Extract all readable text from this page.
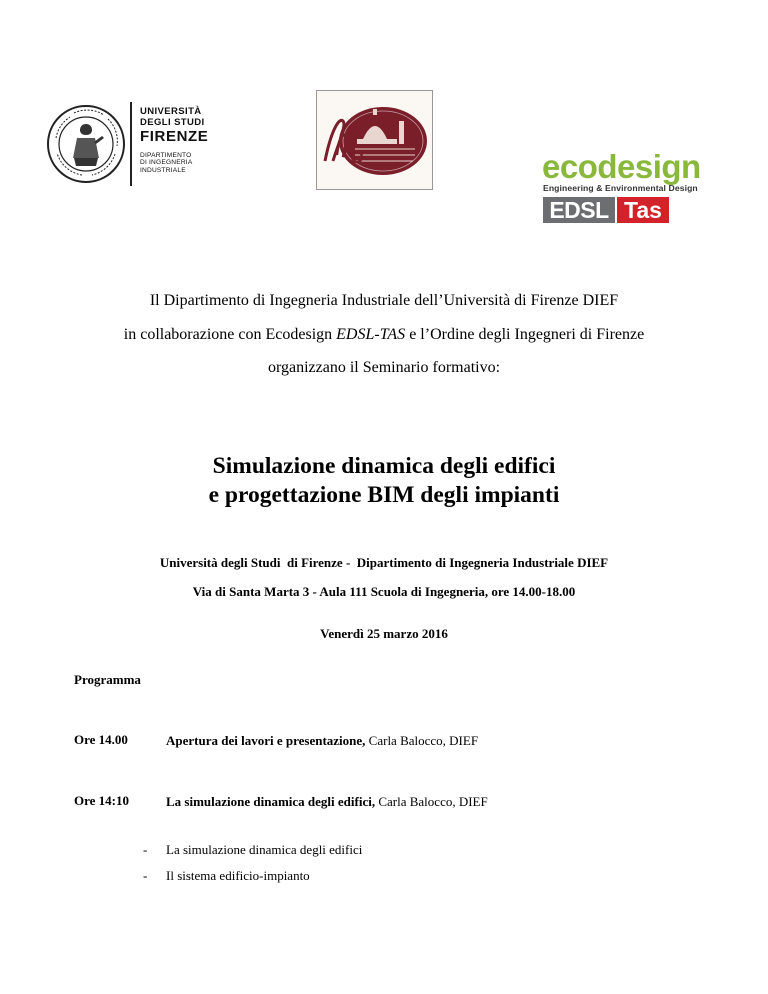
UNIVERSITÀ
DEGLI STUDI
FIRENZE
DIPARTIMENTO
DI INGEGNERIA
INDUSTRIALE	ecodesign
Engineering & Environmental Design
EDSL Tas
Il Dipartimento di Ingegneria Industriale dell’Università di Firenze DIEF
in collaborazione con Ecodesign EDSL-TAS e l’Ordine degli Ingegneri di Firenze
organizzano il Seminario formativo:
Simulazione dinamica degli edifici
e progettazione BIM degli impianti
Università degli Studi  di Firenze -  Dipartimento di Ingegneria Industriale DIEF
Via di Santa Marta 3 - Aula 111 Scuola di Ingegneria, ore 14.00-18.00
Venerdì 25 marzo 2016
Programma
Ore 14.00	Apertura dei lavori e presentazione, Carla Balocco, DIEF
Ore 14:10	La simulazione dinamica degli edifici, Carla Balocco, DIEF
- La simulazione dinamica degli edifici
- Il sistema edificio-impianto
